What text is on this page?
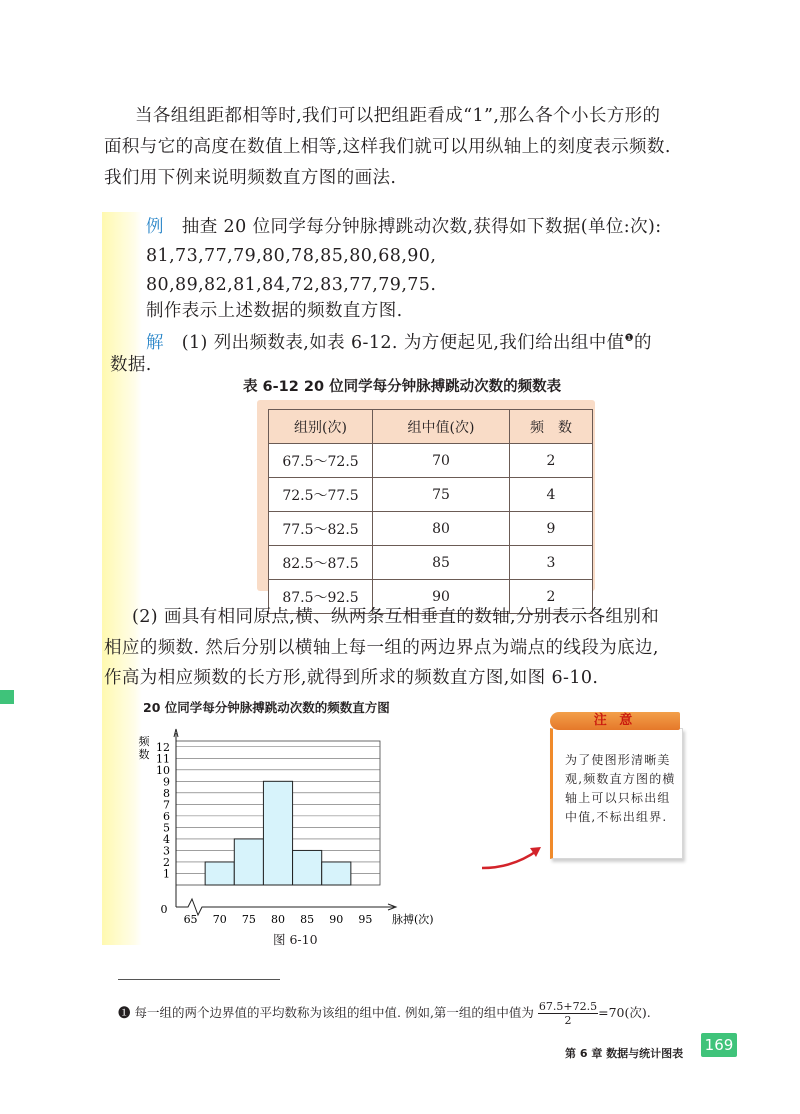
当各组组距都相等时,我们可以把组距看成“1”,那么各个小长方形的
面积与它的高度在数值上相等,这样我们就可以用纵轴上的刻度表示频数.
我们用下例来说明频数直方图的画法.
例 抽查 20 位同学每分钟脉搏跳动次数,获得如下数据(单位:次):
81,73,77,79,80,78,85,80,68,90,
80,89,82,81,84,72,83,77,79,75.
制作表示上述数据的频数直方图.
解 (1) 列出频数表,如表 6-12. 为方便起见,我们给出组中值$^❶$的
数据.
表 6-12 20 位同学每分钟脉搏跳动次数的频数表
组别(次)	组中值(次)	频　数
67.5～72.5	70	2
72.5～77.5	75	4
77.5～82.5	80	9
82.5～87.5	85	3
87.5～92.5	90	2
(2) 画具有相同原点,横、纵两条互相垂直的数轴,分别表示各组别和
相应的频数. 然后分别以横轴上每一组的两边界点为端点的线段为底边,
作高为相应频数的长方形,就得到所求的频数直方图,如图 6-10.
20 位同学每分钟脉搏跳动次数的频数直方图
1
2
3
4
5
6
7
8
9
10
11
12
65 70 75 80 85 90 95
0
脉搏(次)
频数
图 6-10
为了使图形清晰美观,频数直方图的横轴上可以只标出组中值,不标出组界.
注 意
❶ 每一组的两个边界值的平均数称为该组的组中值. 例如,第一组的组中值为 $\frac{67.5+72.5}{2} =70$(次).
第 6 章 数据与统计图表 169
